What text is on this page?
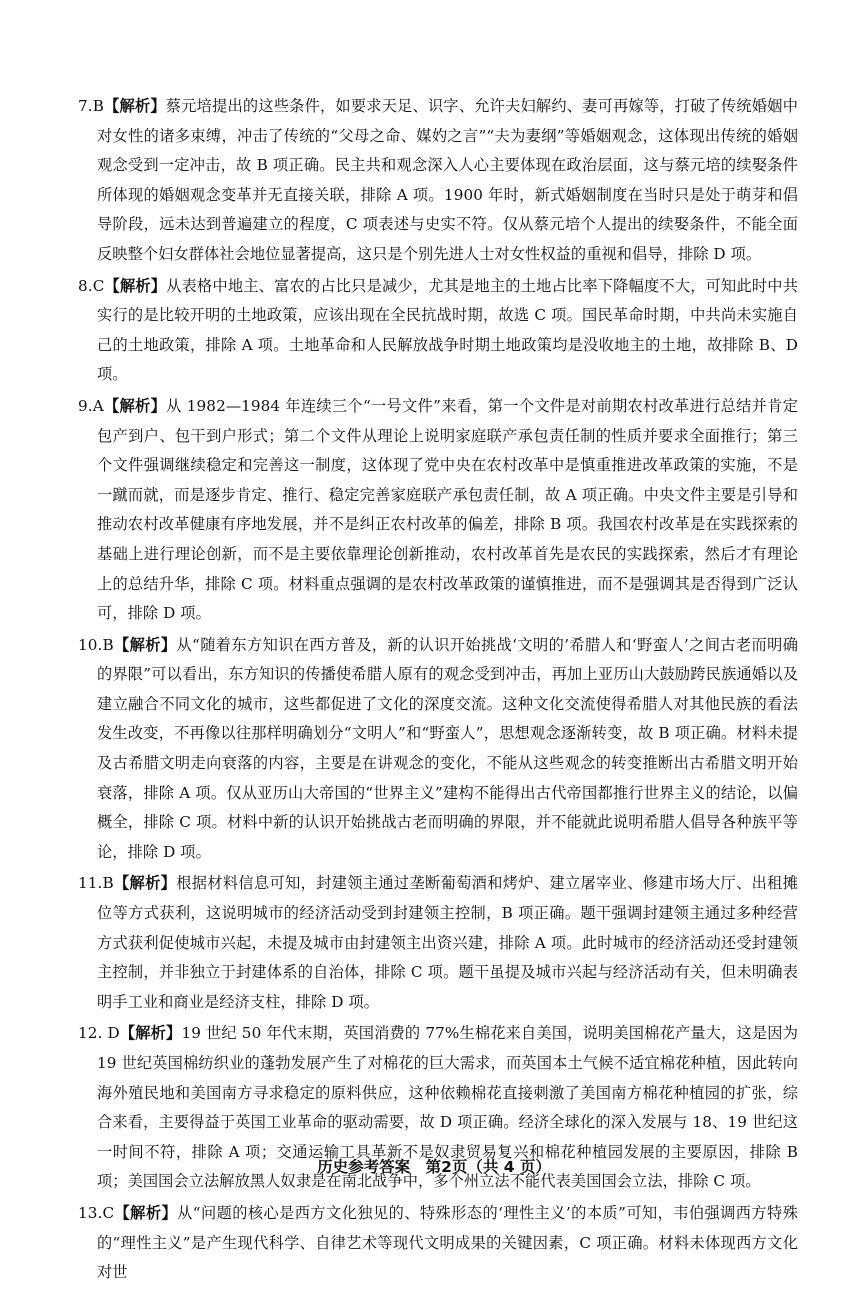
7.B【解析】蔡元培提出的这些条件，如要求天足、识字、允许夫妇解约、妻可再嫁等，打破了传统婚姻中对女性的诸多束缚，冲击了传统的“父母之命、媒妁之言”“夫为妻纲”等婚姻观念，这体现出传统的婚姻观念受到一定冲击，故 B 项正确。民主共和观念深入人心主要体现在政治层面，这与蔡元培的续娶条件所体现的婚姻观念变革并无直接关联，排除 A 项。1900 年时，新式婚姻制度在当时只是处于萌芽和倡导阶段，远未达到普遍建立的程度，C 项表述与史实不符。仅从蔡元培个人提出的续娶条件，不能全面反映整个妇女群体社会地位显著提高，这只是个别先进人士对女性权益的重视和倡导，排除 D 项。

8.C【解析】从表格中地主、富农的占比只是减少，尤其是地主的土地占比率下降幅度不大，可知此时中共实行的是比较开明的土地政策，应该出现在全民抗战时期，故选 C 项。国民革命时期，中共尚未实施自己的土地政策，排除 A 项。土地革命和人民解放战争时期土地政策均是没收地主的土地，故排除 B、D 项。

9.A【解析】从 1982—1984 年连续三个“一号文件”来看，第一个文件是对前期农村改革进行总结并肯定包产到户、包干到户形式；第二个文件从理论上说明家庭联产承包责任制的性质并要求全面推行；第三个文件强调继续稳定和完善这一制度，这体现了党中央在农村改革中是慎重推进改革政策的实施，不是一蹴而就，而是逐步肯定、推行、稳定完善家庭联产承包责任制，故 A 项正确。中央文件主要是引导和推动农村改革健康有序地发展，并不是纠正农村改革的偏差，排除 B 项。我国农村改革是在实践探索的基础上进行理论创新，而不是主要依靠理论创新推动，农村改革首先是农民的实践探索，然后才有理论上的总结升华，排除 C 项。材料重点强调的是农村改革政策的谨慎推进，而不是强调其是否得到广泛认可，排除 D 项。

10.B【解析】从“随着东方知识在西方普及，新的认识开始挑战‘文明的’希腊人和‘野蛮人’之间古老而明确的界限”可以看出，东方知识的传播使希腊人原有的观念受到冲击，再加上亚历山大鼓励跨民族通婚以及建立融合不同文化的城市，这些都促进了文化的深度交流。这种文化交流使得希腊人对其他民族的看法发生改变，不再像以往那样明确划分“文明人”和“野蛮人”，思想观念逐渐转变，故 B 项正确。材料未提及古希腊文明走向衰落的内容，主要是在讲观念的变化，不能从这些观念的转变推断出古希腊文明开始衰落，排除 A 项。仅从亚历山大帝国的“世界主义”建构不能得出古代帝国都推行世界主义的结论，以偏概全，排除 C 项。材料中新的认识开始挑战古老而明确的界限，并不能就此说明希腊人倡导各种族平等论，排除 D 项。

11.B【解析】根据材料信息可知，封建领主通过垄断葡萄酒和烤炉、建立屠宰业、修建市场大厅、出租摊位等方式获利，这说明城市的经济活动受到封建领主控制，B 项正确。题干强调封建领主通过多种经营方式获利促使城市兴起，未提及城市由封建领主出资兴建，排除 A 项。此时城市的经济活动还受封建领主控制，并非独立于封建体系的自治体，排除 C 项。题干虽提及城市兴起与经济活动有关，但未明确表明手工业和商业是经济支柱，排除 D 项。

12. D【解析】19 世纪 50 年代末期，英国消费的 77%生棉花来自美国，说明美国棉花产量大，这是因为 19 世纪英国棉纺织业的蓬勃发展产生了对棉花的巨大需求，而英国本土气候不适宜棉花种植，因此转向海外殖民地和美国南方寻求稳定的原料供应，这种依赖棉花直接刺激了美国南方棉花种植园的扩张，综合来看，主要得益于英国工业革命的驱动需要，故 D 项正确。经济全球化的深入发展与 18、19 世纪这一时间不符，排除 A 项；交通运输工具革新不是奴隶贸易复兴和棉花种植园发展的主要原因，排除 B 项；美国国会立法解放黑人奴隶是在南北战争中，多个州立法不能代表美国国会立法，排除 C 项。

13.C【解析】从“问题的核心是西方文化独见的、特殊形态的‘理性主义’的本质”可知，韦伯强调西方特殊的“理性主义”是产生现代科学、自律艺术等现代文明成果的关键因素，C 项正确。材料未体现西方文化对世

历史参考答案　第2页（共 4 页）
